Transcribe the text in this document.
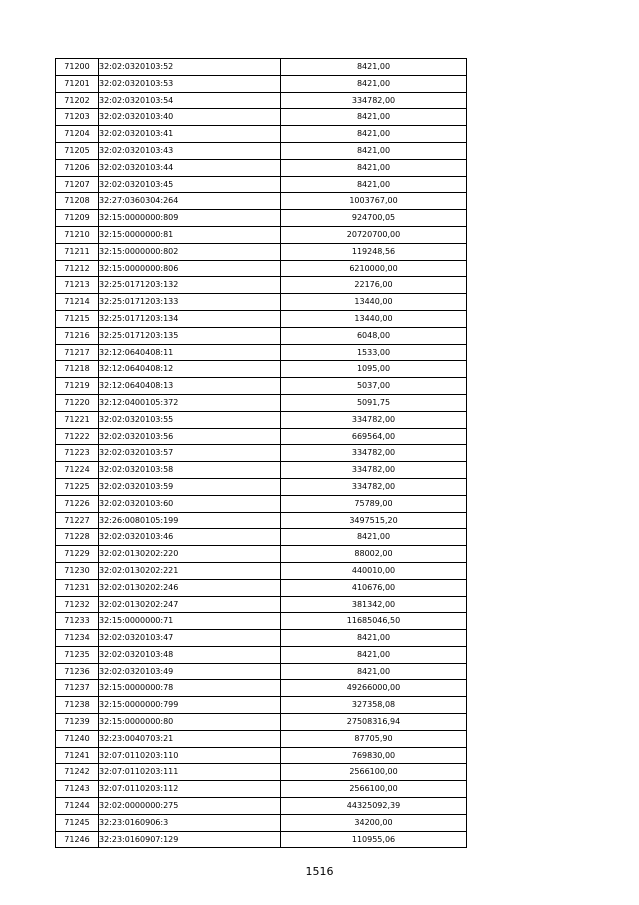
71200	32:02:0320103:52	8421,00
71201	32:02:0320103:53	8421,00
71202	32:02:0320103:54	334782,00
71203	32:02:0320103:40	8421,00
71204	32:02:0320103:41	8421,00
71205	32:02:0320103:43	8421,00
71206	32:02:0320103:44	8421,00
71207	32:02:0320103:45	8421,00
71208	32:27:0360304:264	1003767,00
71209	32:15:0000000:809	924700,05
71210	32:15:0000000:81	20720700,00
71211	32:15:0000000:802	119248,56
71212	32:15:0000000:806	6210000,00
71213	32:25:0171203:132	22176,00
71214	32:25:0171203:133	13440,00
71215	32:25:0171203:134	13440,00
71216	32:25:0171203:135	6048,00
71217	32:12:0640408:11	1533,00
71218	32:12:0640408:12	1095,00
71219	32:12:0640408:13	5037,00
71220	32:12:0400105:372	5091,75
71221	32:02:0320103:55	334782,00
71222	32:02:0320103:56	669564,00
71223	32:02:0320103:57	334782,00
71224	32:02:0320103:58	334782,00
71225	32:02:0320103:59	334782,00
71226	32:02:0320103:60	75789,00
71227	32:26:0080105:199	3497515,20
71228	32:02:0320103:46	8421,00
71229	32:02:0130202:220	88002,00
71230	32:02:0130202:221	440010,00
71231	32:02:0130202:246	410676,00
71232	32:02:0130202:247	381342,00
71233	32:15:0000000:71	11685046,50
71234	32:02:0320103:47	8421,00
71235	32:02:0320103:48	8421,00
71236	32:02:0320103:49	8421,00
71237	32:15:0000000:78	49266000,00
71238	32:15:0000000:799	327358,08
71239	32:15:0000000:80	27508316,94
71240	32:23:0040703:21	87705,90
71241	32:07:0110203:110	769830,00
71242	32:07:0110203:111	2566100,00
71243	32:07:0110203:112	2566100,00
71244	32:02:0000000:275	44325092,39
71245	32:23:0160906:3	34200,00
71246	32:23:0160907:129	110955,06
1516
